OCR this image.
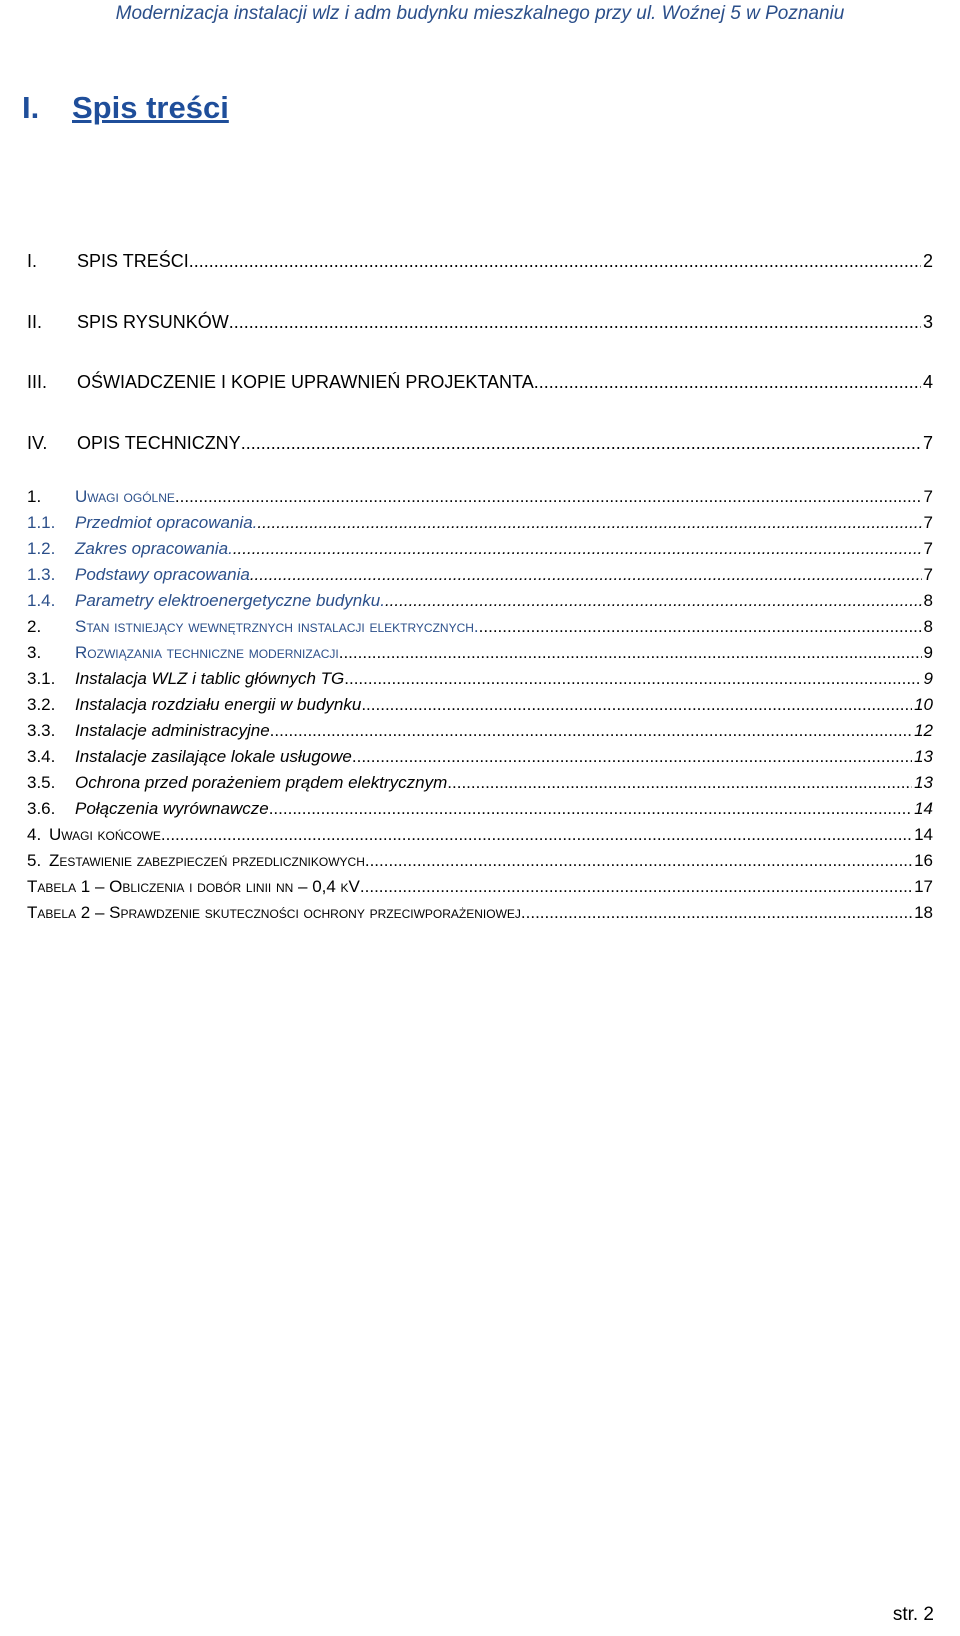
Modernizacja instalacji wlz i adm budynku mieszkalnego przy ul. Woźnej 5 w Poznaniu
I. Spis treści
I.	SPIS TREŚCI .....	2
II.	SPIS RYSUNKÓW .....	3
III.	OŚWIADCZENIE I KOPIE UPRAWNIEŃ PROJEKTANTA .....	4
IV.	OPIS TECHNICZNY .....	7
1.	Uwagi ogólne .....	7
1.1.	Przedmiot opracowania. .....	7
1.2.	Zakres opracowania. .....	7
1.3.	Podstawy opracowania .....	7
1.4.	Parametry elektroenergetyczne budynku. .....	8
2.	Stan istniejący wewnętrznych instalacji elektrycznych. .....	8
3.	Rozwiązania techniczne modernizacji .....	9
3.1.	Instalacja WLZ i tablic głównych TG .....	9
3.2.	Instalacja rozdziału energii w budynku .....	10
3.3.	Instalacje administracyjne .....	12
3.4.	Instalacje zasilające lokale usługowe .....	13
3.5.	Ochrona przed porażeniem prądem elektrycznym .....	13
3.6.	Połączenia wyrównawcze .....	14
4. Uwagi końcowe .....	14
5. Zestawienie zabezpieczeń przedlicznikowych .....	16
Tabela 1 – Obliczenia i dobór linii nn – 0,4 kV .....	17
Tabela 2 – Sprawdzenie skuteczności ochrony przeciwporażeniowej .....	18
str. 2
